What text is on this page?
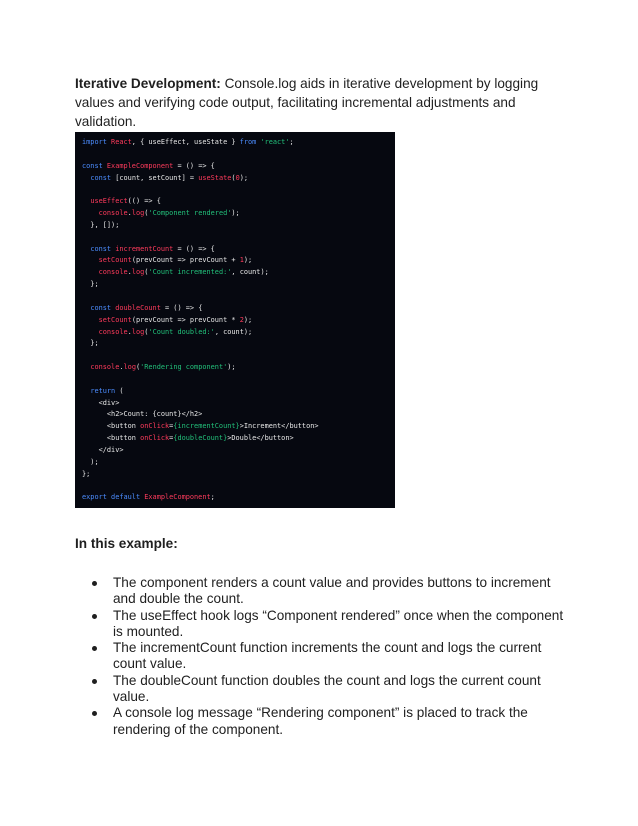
Iterative Development: Console.log aids in iterative development by logging values and verifying code output, facilitating incremental adjustments and validation.

import React, { useEffect, useState } from 'react';
const ExampleComponent = () => {
const [count, setCount] = useState(0);
useEffect(() => {
console.log('Component rendered');
}, []);
const incrementCount = () => {
setCount(prevCount => prevCount + 1);
console.log('Count incremented:', count);
};
const doubleCount = () => {
setCount(prevCount => prevCount * 2);
console.log('Count doubled:', count);
};
console.log('Rendering component');
return (
<div>
<h2>Count: {count}</h2>
<button onClick={incrementCount}>Increment</button>
<button onClick={doubleCount}>Double</button>
</div>
);
};
export default ExampleComponent;

In this example:

The component renders a count value and provides buttons to increment and double the count.
The useEffect hook logs “Component rendered” once when the component is mounted.
The incrementCount function increments the count and logs the current count value.
The doubleCount function doubles the count and logs the current count value.
A console log message “Rendering component” is placed to track the rendering of the component.
